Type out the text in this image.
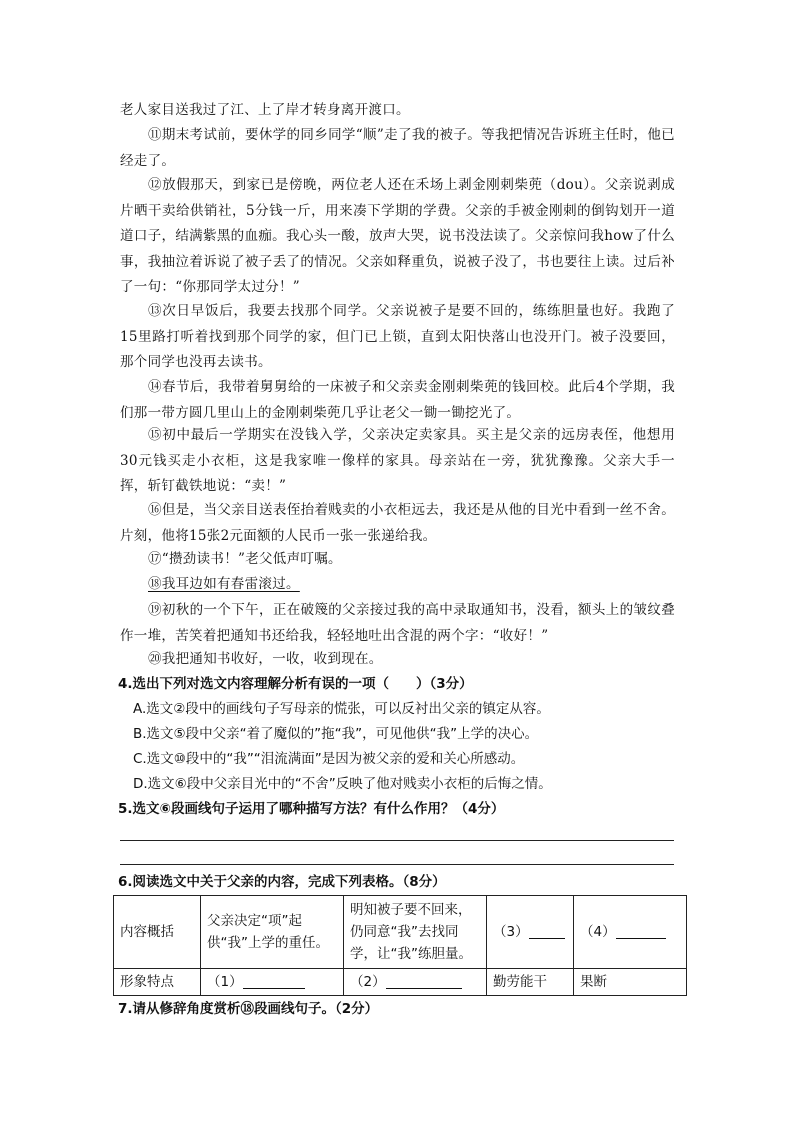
老人家目送我过了江、上了岸才转身离开渡口。

⑪期末考试前，要休学的同乡同学“顺”走了我的被子。等我把情况告诉班主任时，他已经走了。

⑫放假那天，到家已是傍晚，两位老人还在禾场上剥金刚刺柴蔸（dou）。父亲说剥成片晒干卖给供销社，5分钱一斤，用来凑下学期的学费。父亲的手被金刚刺的倒钩划开一道道口子，结满紫黑的血痂。我心头一酸，放声大哭，说书没法读了。父亲惊问我how了什么事，我抽泣着诉说了被子丢了的情况。父亲如释重负，说被子没了，书也要往上读。过后补了一句：“你那同学太过分！”

⑬次日早饭后，我要去找那个同学。父亲说被子是要不回的，练练胆量也好。我跑了15里路打听着找到那个同学的家，但门已上锁，直到太阳快落山也没开门。被子没要回，那个同学也没再去读书。

⑭春节后，我带着舅舅给的一床被子和父亲卖金刚刺柴蔸的钱回校。此后4个学期，我们那一带方圆几里山上的金刚刺柴蔸几乎让老父一锄一锄挖光了。

⑮初中最后一学期实在没钱入学，父亲决定卖家具。买主是父亲的远房表侄，他想用30元钱买走小衣柜，这是我家唯一像样的家具。母亲站在一旁，犹犹豫豫。父亲大手一挥，斩钉截铁地说：“卖！”

⑯但是，当父亲目送表侄抬着贱卖的小衣柜远去，我还是从他的目光中看到一丝不舍。片刻，他将15张2元面额的人民币一张一张递给我。

⑰“攒劲读书！”老父低声叮嘱。

⑱我耳边如有春雷滚过。

⑲初秋的一个下午，正在破篾的父亲接过我的高中录取通知书，没看，额头上的皱纹叠作一堆，苦笑着把通知书还给我，轻轻地吐出含混的两个字：“收好！”

⑳我把通知书收好，一收，收到现在。

4.选出下列对选文内容理解分析有误的一项（　　）（3分）

A.选文②段中的画线句子写母亲的慌张，可以反衬出父亲的镇定从容。

B.选文⑤段中父亲“着了魔似的”拖“我”，可见他供“我”上学的决心。

C.选文⑩段中的“我”“泪流满面”是因为被父亲的爱和关心所感动。

D.选文⑥段中父亲目光中的“不舍”反映了他对贱卖小衣柜的后悔之情。

5.选文⑥段画线句子运用了哪种描写方法？有什么作用？（4分）

6.阅读选文中关于父亲的内容，完成下列表格。（8分）

内容概括	父亲决定“项”起供“我”上学的重任。	明知被子要不回来，仍同意“我”去找同学，让“我”练胆量。	（3）	（4）
形象特点	（1）	（2）	勤劳能干	果断

7.请从修辞角度赏析⑱段画线句子。（2分）
